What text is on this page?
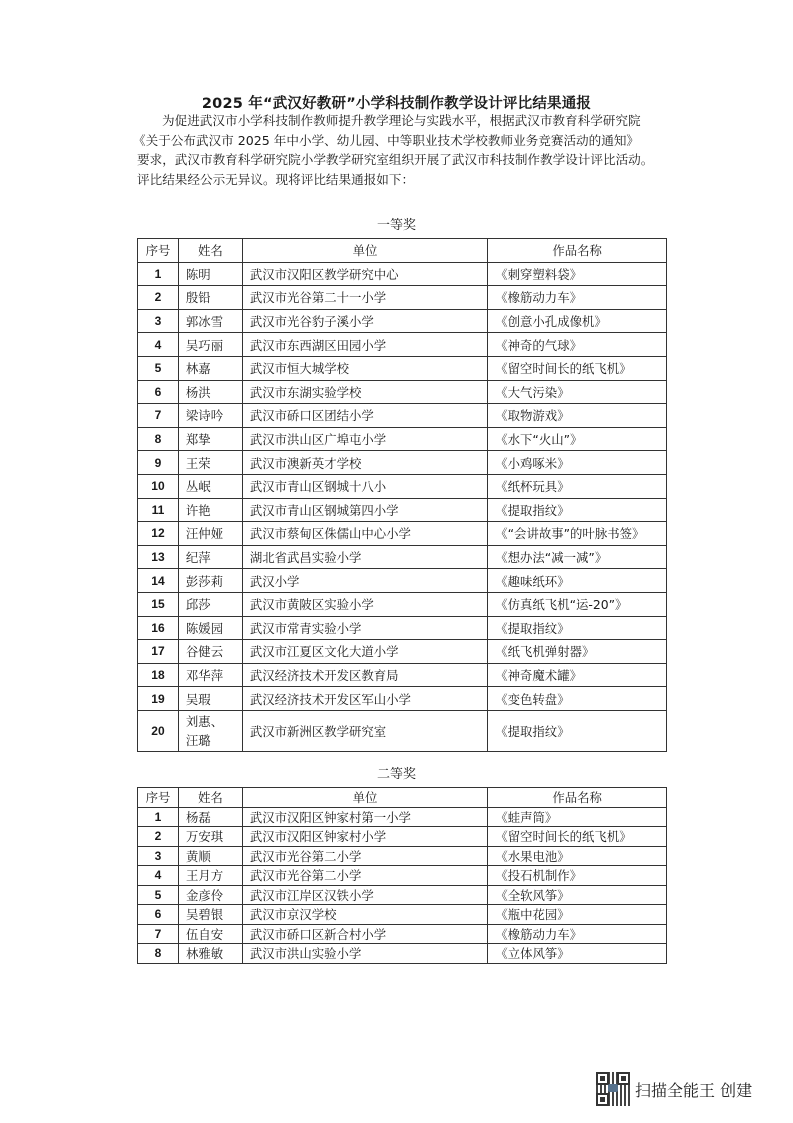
2025 年“武汉好教研”小学科技制作教学设计评比结果通报
为促进武汉市小学科技制作教师提升教学理论与实践水平，根据武汉市教育科学研究院
《关于公布武汉市 2025 年中小学、幼儿园、中等职业技术学校教师业务竞赛活动的通知》
要求，武汉市教育科学研究院小学教学研究室组织开展了武汉市科技制作教学设计评比活动。
评比结果经公示无异议。现将评比结果通报如下：
一等奖
序号	姓名	单位	作品名称
1	陈明	武汉市汉阳区教学研究中心	《刺穿塑料袋》
2	殷铅	武汉市光谷第二十一小学	《橡筋动力车》
3	郭冰雪	武汉市光谷豹子溪小学	《创意小孔成像机》
4	吴巧丽	武汉市东西湖区田园小学	《神奇的气球》
5	林嘉	武汉市恒大城学校	《留空时间长的纸飞机》
6	杨洪	武汉市东湖实验学校	《大气污染》
7	梁诗吟	武汉市硚口区团结小学	《取物游戏》
8	郑挚	武汉市洪山区广埠屯小学	《水下“火山”》
9	王荣	武汉市澳新英才学校	《小鸡啄米》
10	丛岷	武汉市青山区钢城十八小	《纸杯玩具》
11	许艳	武汉市青山区钢城第四小学	《提取指纹》
12	汪仲娅	武汉市蔡甸区侏儒山中心小学	《“会讲故事”的叶脉书签》
13	纪萍	湖北省武昌实验小学	《想办法“减一减”》
14	彭莎莉	武汉小学	《趣味纸环》
15	邱莎	武汉市黄陂区实验小学	《仿真纸飞机“运-20”》
16	陈媛园	武汉市常青实验小学	《提取指纹》
17	谷健云	武汉市江夏区文化大道小学	《纸飞机弹射器》
18	邓华萍	武汉经济技术开发区教育局	《神奇魔术罐》
19	吴瑕	武汉经济技术开发区军山小学	《变色转盘》
20	刘惠、汪璐	武汉市新洲区教学研究室	《提取指纹》
二等奖
序号	姓名	单位	作品名称
1	杨磊	武汉市汉阳区钟家村第一小学	《蛙声筒》
2	万安琪	武汉市汉阳区钟家村小学	《留空时间长的纸飞机》
3	黄顺	武汉市光谷第二小学	《水果电池》
4	王月方	武汉市光谷第二小学	《投石机制作》
5	金彦伶	武汉市江岸区汉铁小学	《全软风筝》
6	吴碧银	武汉市京汉学校	《瓶中花园》
7	伍自安	武汉市硚口区新合村小学	《橡筋动力车》
8	林雅敏	武汉市洪山实验小学	《立体风筝》
扫描全能王 创建
